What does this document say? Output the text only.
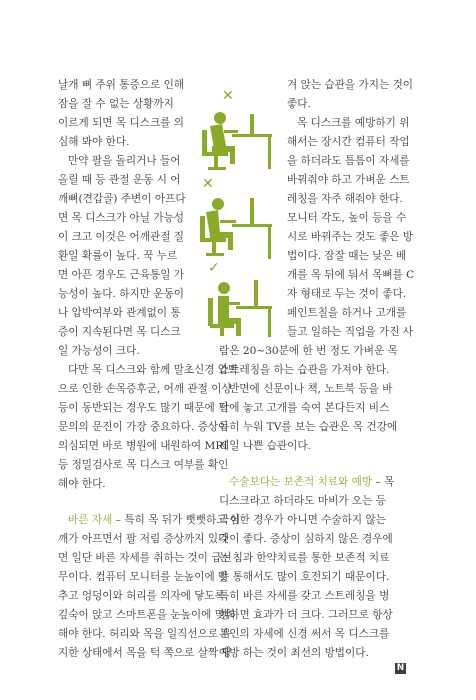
날개 뼈 주위 통증으로 인해
잠을 잘 수 없는 상황까지
이르게 되면 목 디스크를 의
심해 봐야 한다.
만약 팔을 돌리거나 들어
올릴 때 등 관절 운동 시 어
깨뼈(견갑골) 주변이 아프다
면 목 디스크가 아닐 가능성
이 크고 이것은 어깨관절 질
환일 확률이 높다. 꾹 누르
면 아픈 경우도 근육통일 가
능성이 높다. 하지만 운동이
나 압박여부와 관계없이 통
증이 지속된다면 목 디스크
일 가능성이 크다.
다만 목 디스크와 함께 말초신경 압박
으로 인한 손목증후군, 어깨 관절 이상
등이 동반되는 경우도 많기 때문에 전
문의의 문진이 가장 중요하다. 증상이
의심되면 바로 병원에 내원하여 MRI
등 정밀검사로 목 디스크 여부를 확인
해야 한다.
바른 자세 – 특히 목 뒤가 뻣뻣하고 어
깨가 아프면서 팔 저림 증상까지 있다
면 일단 바른 자세를 취하는 것이 급선
무이다. 컴퓨터 모니터를 눈높이에 맞
추고 엉덩이와 허리를 의자에 닿도록
깊숙이 앉고 스마트폰을 눈높이에 맞춰
해야 한다. 허리와 목을 일직선으로 유
지한 상태에서 목을 턱 쪽으로 살짝 당
✕
✕
✓
겨 앉는 습관을 가지는 것이
좋다.
목 디스크를 예방하기 위
해서는 장시간 컴퓨터 작업
을 하더라도 틈틈이 자세를
바꿔줘야 하고 가벼운 스트
레칭을 자주 해줘야 한다.
모니터 각도, 높이 등을 수
시로 바꿔주는 것도 좋은 방
법이다. 잠잘 때는 낮은 베
개를 목 뒤에 둬서 목뼈를 C
자 형태로 두는 것이 좋다.
페인트칠을 하거나 고개를
들고 일하는 직업을 가진 사
람은 20~30분에 한 번 정도 가벼운 목
스트레칭을 하는 습관을 가져야 한다.
반면에 신문이나 책, 노트북 등을 바
닥에 놓고 고개를 숙여 본다든지 비스
듬히 누워 TV를 보는 습관은 목 건강에
제일 나쁜 습관이다.
수술보다는 보존적 치료와 예방 – 목
디스크라고 하더라도 마비가 오는 등
극심한 경우가 아니면 수술하지 않는
것이 좋다. 증상이 심하지 않은 경우에
는 침과 한약치료를 통한 보존적 치료
를 통해서도 많이 호전되기 때문이다.
특히 바른 자세를 갖고 스트레칭을 병
행하면 효과가 더 크다. 그러므로 항상
본인의 자세에 신경 써서 목 디스크를
예방 하는 것이 최선의 방법이다.
N
